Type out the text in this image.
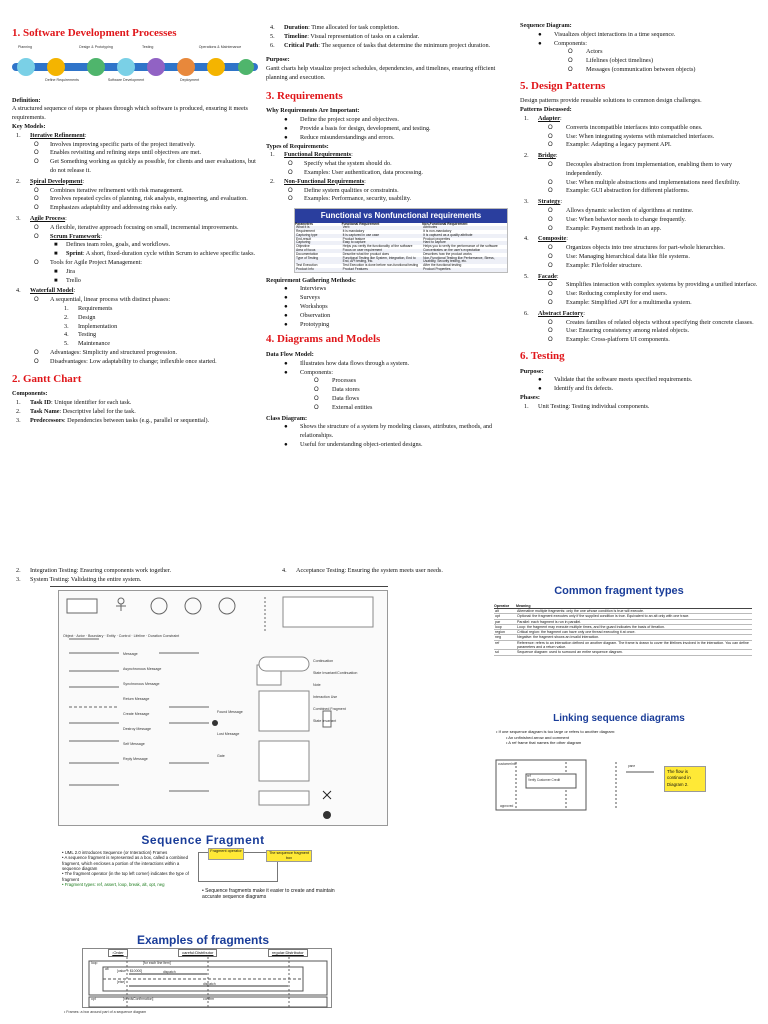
1. Software Development Processes
Planning	Design & Prototyping	Testing	Operations & Maintenance
Define Requirements	Software Development	Deployment

Definition:

A structured sequence of steps or phases through which software is produced, ensuring it meets requirements.

Key Models:

1. Iterative Refinement:
O Involves improving specific parts of the project iteratively.
O Enables revisiting and refining steps until objectives are met.
O Get Something working as quickly as possible, for clients and user evaluations, but do not release it.
2. Spiral Development:
O Combines iterative refinement with risk management.
O Involves repeated cycles of planning, risk analysis, engineering, and evaluation.
O Emphasizes adaptability and addressing risks early.
3. Agile Process:
O A flexible, iterative approach focusing on small, incremental improvements.
O Scrum Framework:
■ Defines team roles, goals, and workflows.
■ Sprint: A short, fixed-duration cycle within Scrum to achieve specific tasks.
O Tools for Agile Project Management:
■ Jira
■ Trello
4. Waterfall Model:
O A sequential, linear process with distinct phases:
1. Requirements
2. Design
3. Implementation
4. Testing
5. Maintenance
O Advantages: Simplicity and structured progression.
O Disadvantages: Low adaptability to change; inflexible once started.
2. Gantt Chart

Components:

1. Task ID: Unique identifier for each task.
2. Task Name: Descriptive label for the task.
3. Predecessors: Dependencies between tasks (e.g., parallel or sequential).
4. Duration: Time allocated for task completion.
5. Timeline: Visual representation of tasks on a calendar.
6. Critical Path: The sequence of tasks that determine the minimum project duration.

Purpose:

Gantt charts help visualize project schedules, dependencies, and timelines, ensuring efficient planning and execution.

3. Requirements

Why Requirements Are Important:

● Define the project scope and objectives.
● Provide a basis for design, development, and testing.
● Reduce misunderstandings and errors.

Types of Requirements:

1. Functional Requirements:
O Specify what the system should do.
O Examples: User authentication, data processing.
2. Non-Functional Requirements:
O Define system qualities or constraints.
O Examples: Performance, security, usability.
Functional vs Nonfunctional requirements
Parameters	Functional Requirement	Non-Functional Requirement
What it is	Verb	Attributes
Requirement	It is mandatory	It is non-mandatory
Capturing type	It is captured in use case	It is captured as a quality attribute
End-result	Product feature	Product properties
Capturing	Easy to capture	Hard to capture
Objective	Helps you verify the functionality of the software	Helps you to verify the performance of the software
Area of focus	Focus on user requirement	Concentrates on the user's expectation
Documentation	Describe what the product does	Describes how the product works
Type of Testing	Functional Testing like System, Integration, End to End, API testing, etc.	Non-Functional Testing like Performance, Stress, Usability, Security testing, etc.
Test Execution	Test Execution is done before non-functional testing	After the functional testing
Product Info	Product Features	Product Properties

Requirement Gathering Methods:

● Interviews
● Surveys
● Workshops
● Observation
● Prototyping
4. Diagrams and Models

Data Flow Model:

● Illustrates how data flows through a system.
● Components:
O Processes
O Data stores
O Data flows
O External entities

Class Diagram:

●	Shows the structure of a system by modeling classes, attributes, methods, and relationships.
● Useful for understanding object-oriented designs.

Sequence Diagram:

● Visualizes object interactions in a time sequence.
● Components:
O Actors
O Lifelines (object timelines)
O Messages (communication between objects)
5. Design Patterns

Design patterns provide reusable solutions to common design challenges.

Patterns Discussed:

1. Adapter:
O Converts incompatible interfaces into compatible ones.
O Use: When integrating systems with mismatched interfaces.
O Example: Adapting a legacy payment API.
2. Bridge:
O Decouples abstraction from implementation, enabling them to vary independently.
O Use: When multiple abstractions and implementations need flexibility.
O Example: GUI abstraction for different platforms.
3. Strategy:
O Allows dynamic selection of algorithms at runtime.
O Use: When behavior needs to change frequently.
O Example: Payment methods in an app.
4. Composite:
O Organizes objects into tree structures for part-whole hierarchies.
O Use: Managing hierarchical data like file systems.
O Example: File/folder structure.
5. Facade:
O Simplifies interaction with complex systems by providing a unified interface.
O Use: Reducing complexity for end users.
O Example: Simplified API for a multimedia system.
6. Abstract Factory:
O Creates families of related objects without specifying their concrete classes.
O Use: Ensuring consistency among related objects.
O Example: Cross-platform UI components.
6. Testing

Purpose:

● Validate that the software meets specified requirements.
● Identify and fix defects.

Phases:

1. Unit Testing: Testing individual components.
2. Integration Testing: Ensuring components work together.
3. System Testing: Validating the entire system.
4. Acceptance Testing: Ensuring the system meets user needs.
Object · Actor · Boundary · Entity · Control · Lifeline · Duration Constraint
Message
Asynchronous Message
Synchronous Message
Return Message
Create Message
Destroy Message
Self Message
Reply Message
Found Message
Lost Message
Gate
Continuation
State Invariant/Continuation
Note
Interaction Use
Combined Fragment
State Invariant
Common fragment types
Operator	Meaning
alt	Alternative multiple fragments: only the one whose condition is true will execute.
opt	Optional: the fragment executes only if the supplied condition is true. Equivalent to an alt only with one trace.
par	Parallel: each fragment is run in parallel.
loop	Loop: the fragment may execute multiple times, and the guard indicates the basis of iteration.
region	Critical region: the fragment can have only one thread executing it at once.
neg	Negative: the fragment shows an invalid interaction.
ref	Reference: refers to an interaction defined on another diagram. The frame is drawn to cover the lifelines involved in the interaction. You can define parameters and a return value.
sd	Sequence diagram: used to surround an entire sequence diagram.
Linking sequence diagrams
• If one sequence diagram is too large or refers to another diagram:
• An unfinished arrow and comment
• A ref frame that names the other diagram
customerInfo
approved
Verify Customer Credit
ref
pane
The flow is continued in Diagram 2.
Sequence Fragment
• UML 2.0 introduces Sequence (or Interaction) Frames
• A sequence fragment is represented as a box, called a combined fragment, which encloses a portion of the interactions within a sequence diagram
• The fragment operator (in the top left corner) indicates the type of fragment
• Fragment types: ref, assert, loop, break, alt, opt, neg
Fragment operator	The sequence fragment box
• Sequence fragments make it easier to create and maintain accurate sequence diagrams
Examples of fragments
:Order	careful:Distributor	regular:Distributor
loop	[for each line item]
alt [value > $10000]	dispatch
[else]	dispatch
opt	[needsConfirmation]	confirm
• Frames: a box around part of a sequence diagram
